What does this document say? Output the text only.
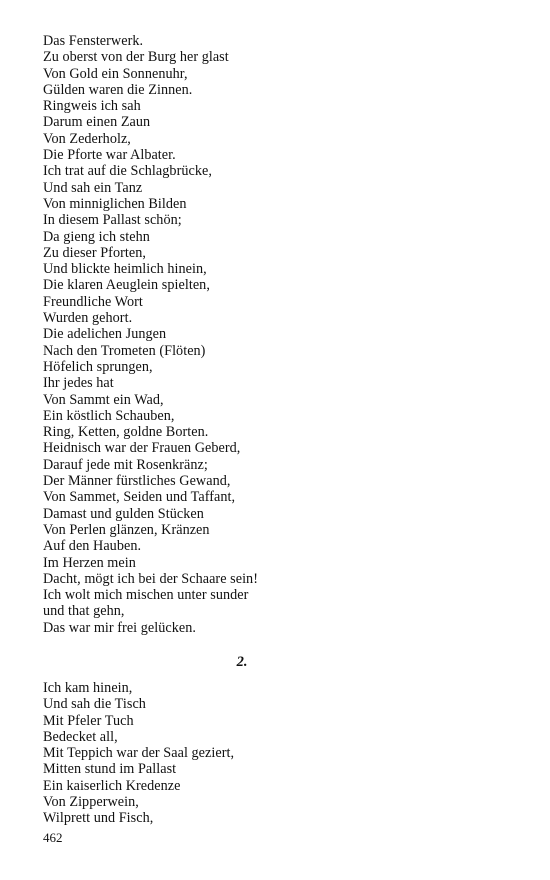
Das Fensterwerk.
Zu oberst von der Burg her glast
Von Gold ein Sonnenuhr,
Gülden waren die Zinnen.
Ringweis ich sah
Darum einen Zaun
Von Zederholz,
Die Pforte war Albater.
Ich trat auf die Schlagbrücke,
Und sah ein Tanz
Von minniglichen Bilden
In diesem Pallast schön;
Da gieng ich stehn
Zu dieser Pforten,
Und blickte heimlich hinein,
Die klaren Aeuglein spielten,
Freundliche Wort
Wurden gehort.
Die adelichen Jungen
Nach den Trometen (Flöten)
Höfelich sprungen,
Ihr jedes hat
Von Sammt ein Wad,
Ein köstlich Schauben,
Ring, Ketten, goldne Borten.
Heidnisch war der Frauen Geberd,
Darauf jede mit Rosenkränz;
Der Männer fürstliches Gewand,
Von Sammet, Seiden und Taffant,
Damast und gulden Stücken
Von Perlen glänzen, Kränzen
Auf den Hauben.
Im Herzen mein
Dacht, mögt ich bei der Schaare sein!
Ich wolt mich mischen unter sunder
und that gehn,
Das war mir frei gelücken.
2.
Ich kam hinein,
Und sah die Tisch
Mit Pfeler Tuch
Bedecket all,
Mit Teppich war der Saal geziert,
Mitten stund im Pallast
Ein kaiserlich Kredenze
Von Zipperwein,
Wilprett und Fisch,
462
